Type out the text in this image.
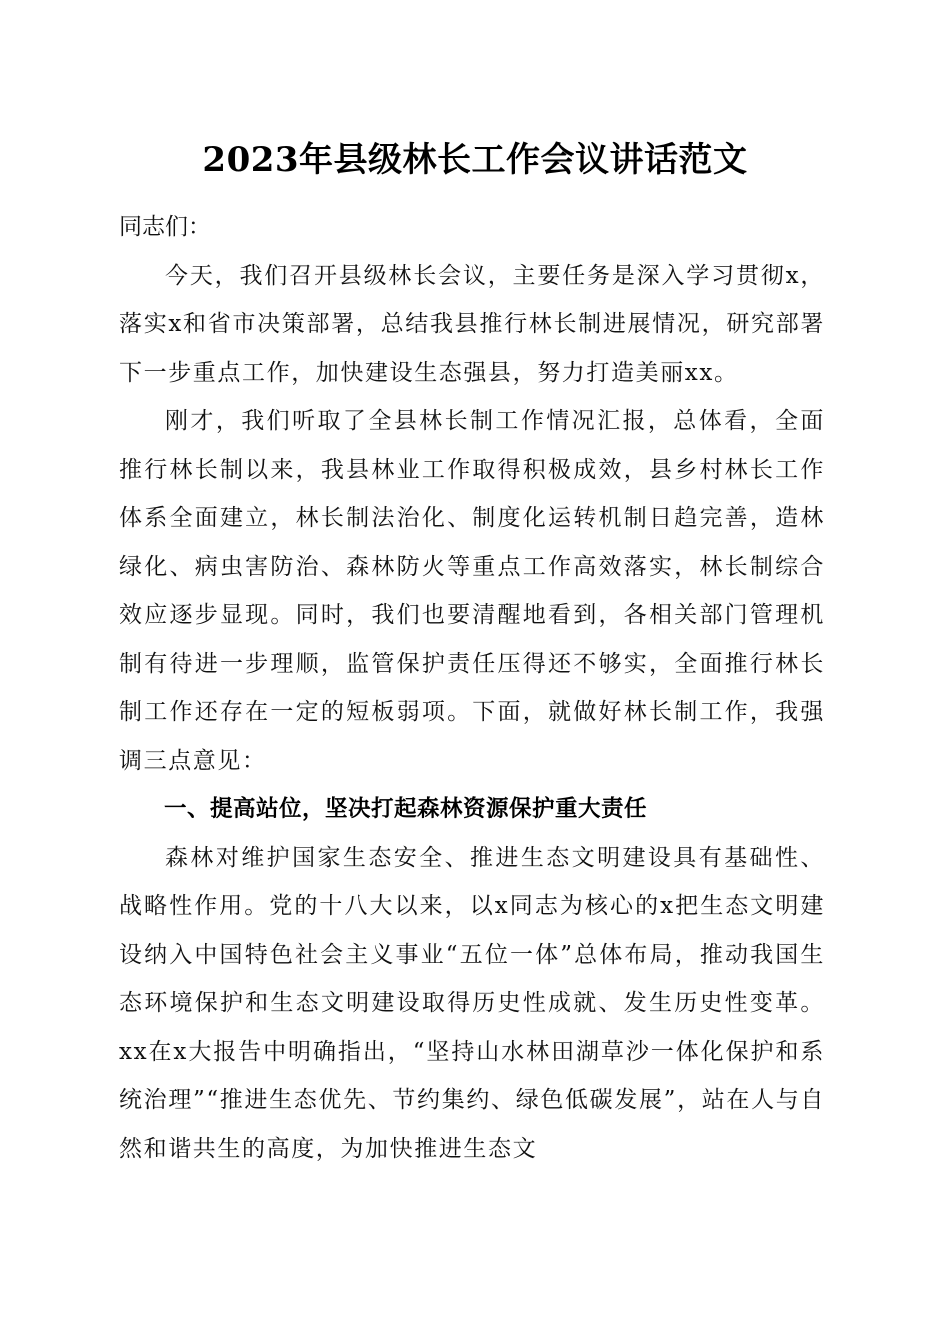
2023年县级林长工作会议讲话范文

同志们：

今天，我们召开县级林长会议，主要任务是深入学习贯彻x，落实x和省市决策部署，总结我县推行林长制进展情况，研究部署下一步重点工作，加快建设生态强县，努力打造美丽xx。

刚才，我们听取了全县林长制工作情况汇报，总体看，全面推行林长制以来，我县林业工作取得积极成效，县乡村林长工作体系全面建立，林长制法治化、制度化运转机制日趋完善，造林绿化、病虫害防治、森林防火等重点工作高效落实，林长制综合效应逐步显现。同时，我们也要清醒地看到，各相关部门管理机制有待进一步理顺，监管保护责任压得还不够实，全面推行林长制工作还存在一定的短板弱项。下面，就做好林长制工作，我强调三点意见：

一、提高站位，坚决打起森林资源保护重大责任

森林对维护国家生态安全、推进生态文明建设具有基础性、战略性作用。党的十八大以来，以x同志为核心的x把生态文明建设纳入中国特色社会主义事业“五位一体”总体布局，推动我国生态环境保护和生态文明建设取得历史性成就、发生历史性变革。xx在x大报告中明确指出，“坚持山水林田湖草沙一体化保护和系统治理”“推进生态优先、节约集约、绿色低碳发展”，站在人与自然和谐共生的高度，为加快推进生态文
